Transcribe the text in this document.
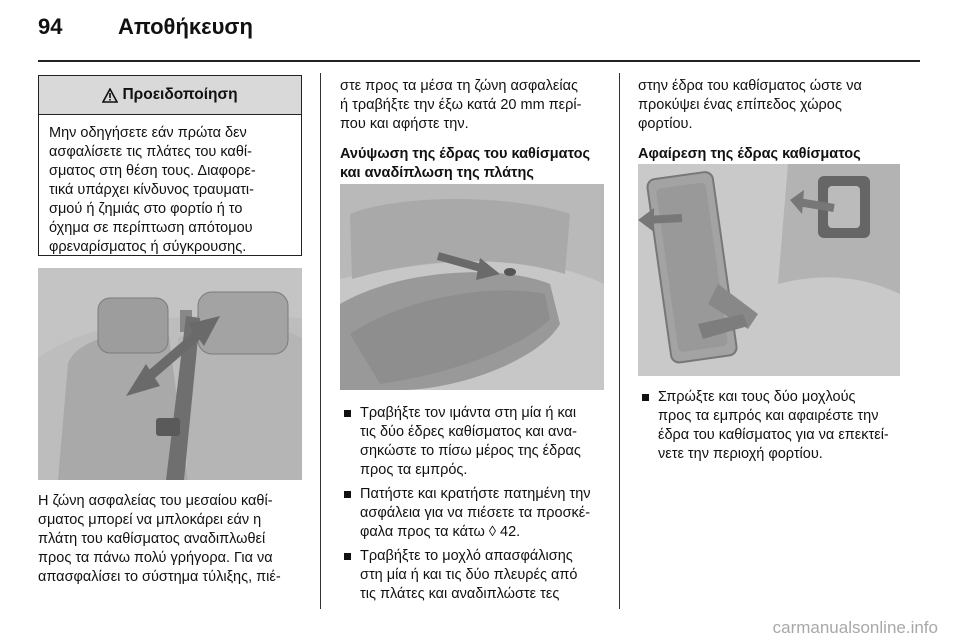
94	Αποθήκευση
Προειδοποίηση
Μην οδηγήσετε εάν πρώτα δεν
ασφαλίσετε τις πλάτες του καθί-
σματος στη θέση τους. Διαφορε-
τικά υπάρχει κίνδυνος τραυματι-
σμού ή ζημιάς στο φορτίο ή το
όχημα σε περίπτωση απότομου
φρεναρίσματος ή σύγκρουσης.

Η ζώνη ασφαλείας του μεσαίου καθί-

σματος μπορεί να μπλοκάρει εάν η

πλάτη του καθίσματος αναδιπλωθεί

προς τα πάνω πολύ γρήγορα. Για να

απασφαλίσει το σύστημα τύλιξης, πιέ-

στε προς τα μέσα τη ζώνη ασφαλείας

ή τραβήξτε την έξω κατά 20 mm περί-

που και αφήστε την.

Ανύψωση της έδρας του καθίσματος
και αναδίπλωση της πλάτης
Τραβήξτε τον ιμάντα στη μία ή και
τις δύο έδρες καθίσματος και ανα-
σηκώστε το πίσω μέρος της έδρας
προς τα εμπρός.
Πατήστε και κρατήστε πατημένη την
ασφάλεια για να πιέσετε τα προσκέ-
φαλα προς τα κάτω ◊ 42.
Τραβήξτε το μοχλό απασφάλισης
στη μία ή και τις δύο πλευρές από
τις πλάτες και αναδιπλώστε τες

στην έδρα του καθίσματος ώστε να

προκύψει ένας επίπεδος χώρος

φορτίου.

Αφαίρεση της έδρας καθίσματος
Σπρώξτε και τους δύο μοχλούς
προς τα εμπρός και αφαιρέστε την
έδρα του καθίσματος για να επεκτεί-
νετε την περιοχή φορτίου.
carmanualsonline.info
